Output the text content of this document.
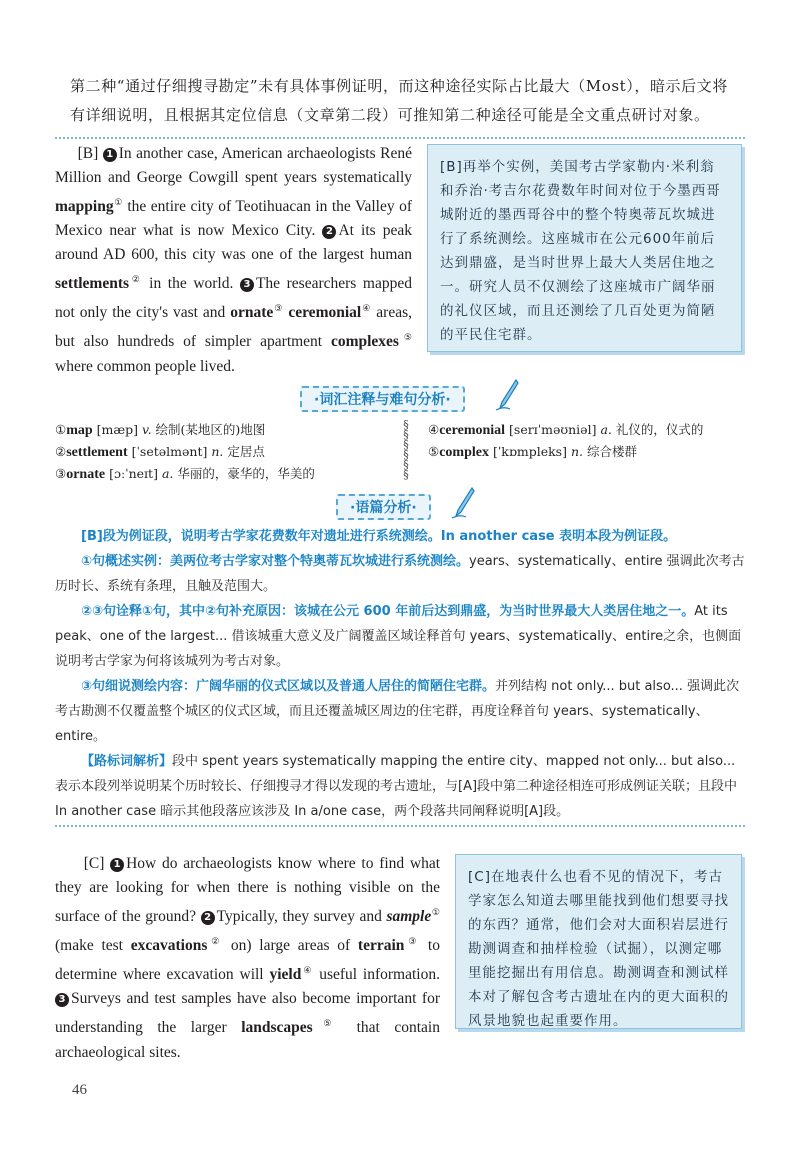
第二种“通过仔细搜寻勘定”未有具体事例证明，而这种途径实际占比最大（Most），暗示后文将有详细说明，且根据其定位信息（文章第二段）可推知第二种途径可能是全文重点研讨对象。
[B] 1 In another case, American archaeologists René Million and George Cowgill spent years systematically mapping① the entire city of Teotihuacan in the Valley of Mexico near what is now Mexico City. 2 At its peak around AD 600, this city was one of the largest human settlements② in the world. 3 The researchers mapped not only the city's vast and ornate③ ceremonial④ areas, but also hundreds of simpler apartment complexes⑤ where common people lived.
[B]再举个实例，美国考古学家勒内·米利翁和乔治·考吉尔花费数年时间对位于今墨西哥城附近的墨西哥谷中的整个特奥蒂瓦坎城进行了系统测绘。这座城市在公元600年前后达到鼎盛，是当时世界上最大人类居住地之一。研究人员不仅测绘了这座城市广阔华丽的礼仪区域，而且还测绘了几百处更为简陋的平民住宅群。
·词汇注释与难句分析·
①map [mæp] v. 绘制(某地区的)地图
②settlement [ˈsetəlmənt] n. 定居点
③ornate [ɔːˈneɪt] a. 华丽的，豪华的，华美的
§
§
§
§
§
§
④ceremonial [serɪˈməʊniəl] a. 礼仪的，仪式的
⑤complex [ˈkɒmpleks] n. 综合楼群
·语篇分析·
[B]段为例证段，说明考古学家花费数年对遗址进行系统测绘。In another case 表明本段为例证段。
①句概述实例：美两位考古学家对整个特奥蒂瓦坎城进行系统测绘。years、systematically、entire 强调此次考古历时长、系统有条理，且触及范围大。
②③句诠释①句，其中②句补充原因：该城在公元 600 年前后达到鼎盛，为当时世界最大人类居住地之一。At its peak、one of the largest... 借该城重大意义及广阔覆盖区域诠释首句 years、systematically、entire之余，也侧面说明考古学家为何将该城列为考古对象。
③句细说测绘内容：广阔华丽的仪式区域以及普通人居住的简陋住宅群。并列结构 not only... but also... 强调此次考古勘测不仅覆盖整个城区的仪式区域，而且还覆盖城区周边的住宅群，再度诠释首句 years、systematically、entire。
【路标词解析】段中 spent years systematically mapping the entire city、mapped not only... but also... 表示本段列举说明某个历时较长、仔细搜寻才得以发现的考古遗址，与[A]段中第二种途径相连可形成例证关联；且段中 In another case 暗示其他段落应该涉及 In a/one case，两个段落共同阐释说明[A]段。
[C] 1 How do archaeologists know where to find what they are looking for when there is nothing visible on the surface of the ground? 2 Typically, they survey and sample① (make test excavations② on) large areas of terrain③ to determine where excavation will yield④ useful information. 3 Surveys and test samples have also become important for understanding the larger landscapes⑤ that contain archaeological sites.
[C]在地表什么也看不见的情况下，考古学家怎么知道去哪里能找到他们想要寻找的东西？通常，他们会对大面积岩层进行勘测调查和抽样检验（试掘），以测定哪里能挖掘出有用信息。勘测调查和测试样本对了解包含考古遗址在内的更大面积的风景地貌也起重要作用。
46
